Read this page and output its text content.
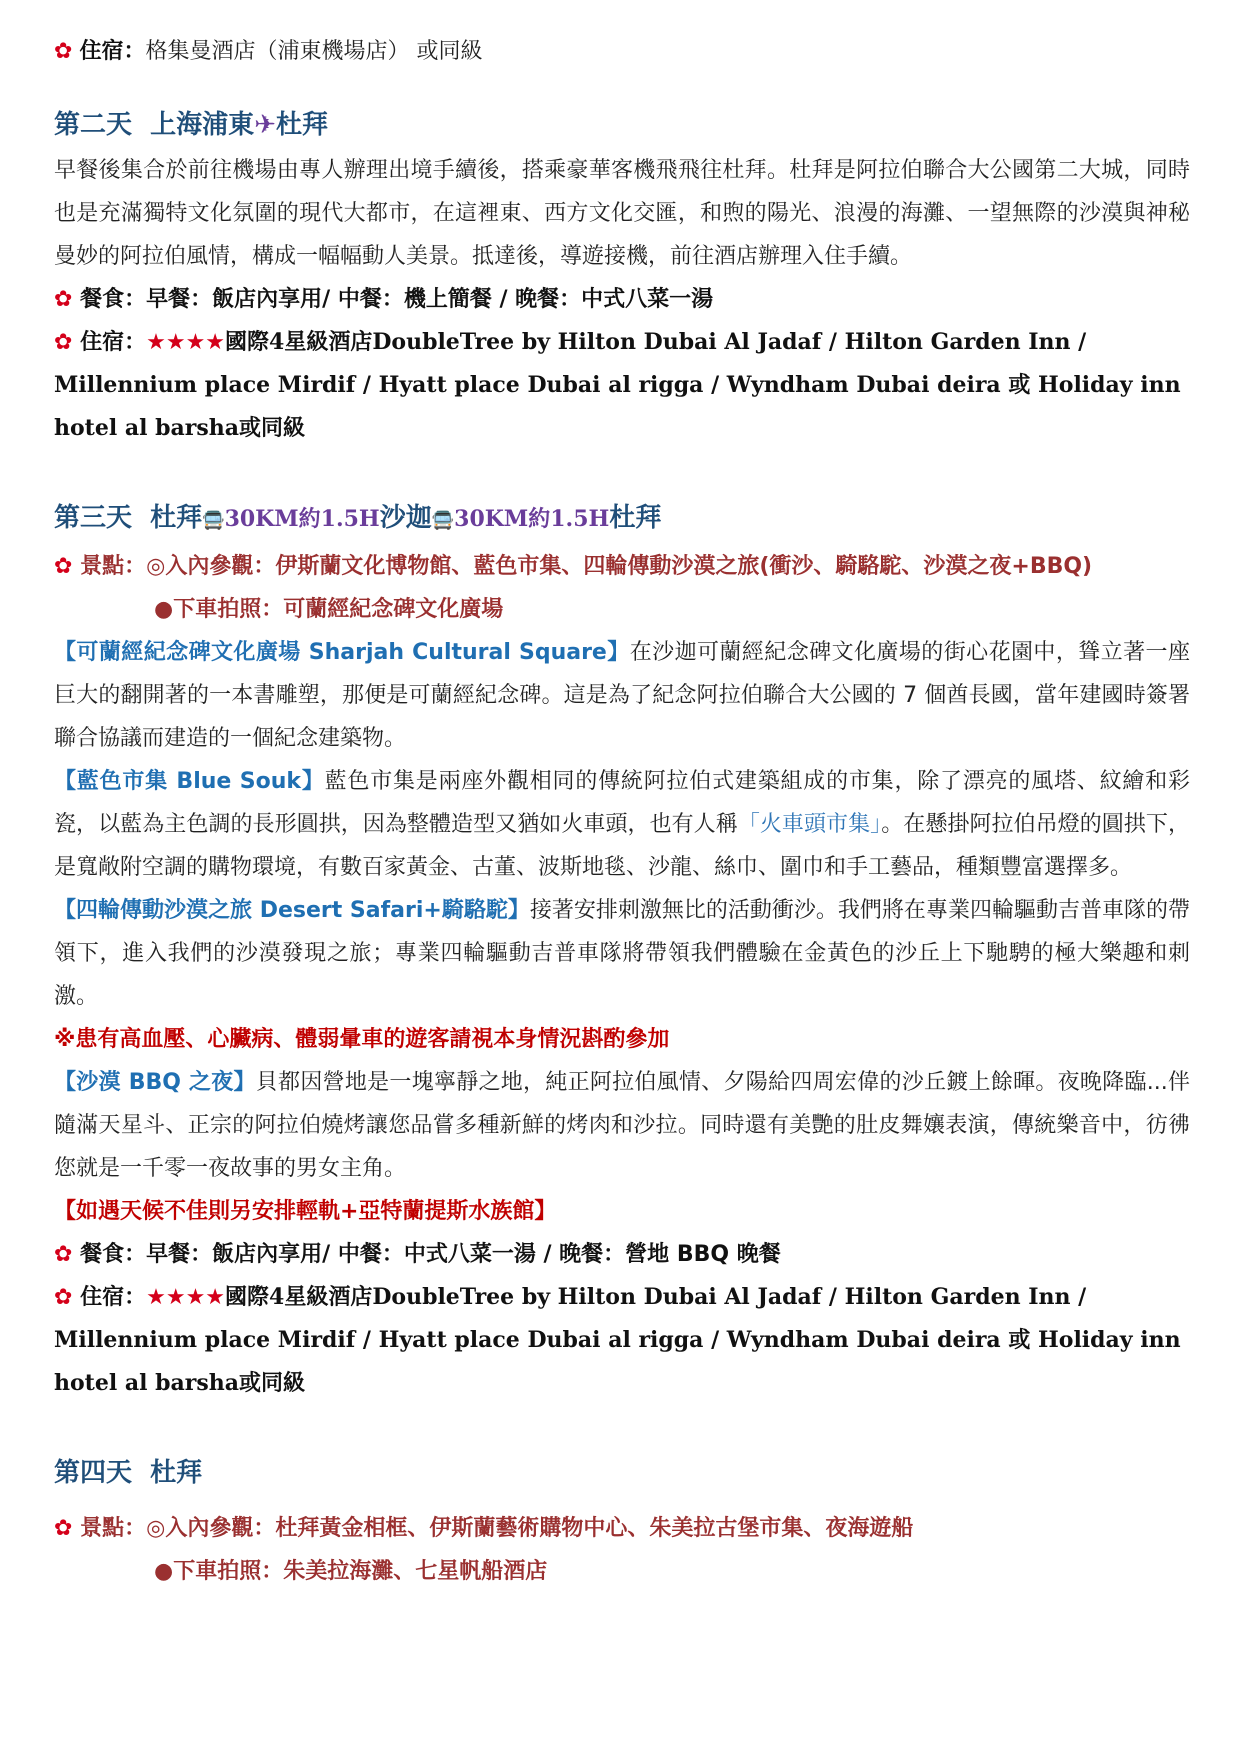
✿ 住宿：格集曼酒店（浦東機場店） 或同級
第二天 上海浦東✈杜拜
早餐後集合於前往機場由專人辦理出境手續後，搭乘豪華客機飛飛往杜拜。杜拜是阿拉伯聯合大公國第二大城，同時也是充滿獨特文化氛圍的現代大都市，在這裡東、西方文化交匯，和煦的陽光、浪漫的海灘、一望無際的沙漠與神秘曼妙的阿拉伯風情，構成一幅幅動人美景。抵達後，導遊接機，前往酒店辦理入住手續。
✿ 餐食：早餐：飯店內享用/ 中餐：機上簡餐 / 晚餐：中式八菜一湯
✿ 住宿：★★★★國際4星級酒店DoubleTree by Hilton Dubai Al Jadaf / Hilton Garden Inn / Millennium place Mirdif / Hyatt place Dubai al rigga / Wyndham Dubai deira 或 Holiday inn hotel al barsha或同級
第三天 杜拜🚍30KM約1.5H沙迦🚍30KM約1.5H杜拜
✿ 景點：◎入內參觀：伊斯蘭文化博物館、藍色市集、四輪傳動沙漠之旅(衝沙、騎駱駝、沙漠之夜+BBQ)
●下車拍照：可蘭經紀念碑文化廣場
【可蘭經紀念碑文化廣場 Sharjah Cultural Square】在沙迦可蘭經紀念碑文化廣場的街心花園中，聳立著一座巨大的翻開著的一本書雕塑，那便是可蘭經紀念碑。這是為了紀念阿拉伯聯合大公國的 7 個酋長國，當年建國時簽署聯合協議而建造的一個紀念建築物。
【藍色市集 Blue Souk】藍色市集是兩座外觀相同的傳統阿拉伯式建築組成的市集，除了漂亮的風塔、紋繪和彩瓷，以藍為主色調的長形圓拱，因為整體造型又猶如火車頭，也有人稱「火車頭市集」。在懸掛阿拉伯吊燈的圓拱下，是寬敞附空調的購物環境，有數百家黃金、古董、波斯地毯、沙龍、絲巾、圍巾和手工藝品，種類豐富選擇多。
【四輪傳動沙漠之旅 Desert Safari+騎駱駝】接著安排刺激無比的活動衝沙。我們將在專業四輪驅動吉普車隊的帶領下，進入我們的沙漠發現之旅；專業四輪驅動吉普車隊將帶領我們體驗在金黃色的沙丘上下馳騁的極大樂趣和刺激。
※患有高血壓、心臟病、體弱暈車的遊客請視本身情況斟酌參加
【沙漠 BBQ 之夜】貝都因營地是一塊寧靜之地，純正阿拉伯風情、夕陽給四周宏偉的沙丘鍍上餘暉。夜晚降臨...伴隨滿天星斗、正宗的阿拉伯燒烤讓您品嘗多種新鮮的烤肉和沙拉。同時還有美艷的肚皮舞孃表演，傳統樂音中，彷彿您就是一千零一夜故事的男女主角。
【如遇天候不佳則另安排輕軌+亞特蘭提斯水族館】
✿ 餐食：早餐：飯店內享用/ 中餐：中式八菜一湯 / 晚餐：營地 BBQ 晚餐
✿ 住宿：★★★★國際4星級酒店DoubleTree by Hilton Dubai Al Jadaf / Hilton Garden Inn / Millennium place Mirdif / Hyatt place Dubai al rigga / Wyndham Dubai deira 或 Holiday inn hotel al barsha或同級
第四天 杜拜
✿ 景點：◎入內參觀：杜拜黃金相框、伊斯蘭藝術購物中心、朱美拉古堡市集、夜海遊船
●下車拍照：朱美拉海灘、七星帆船酒店
